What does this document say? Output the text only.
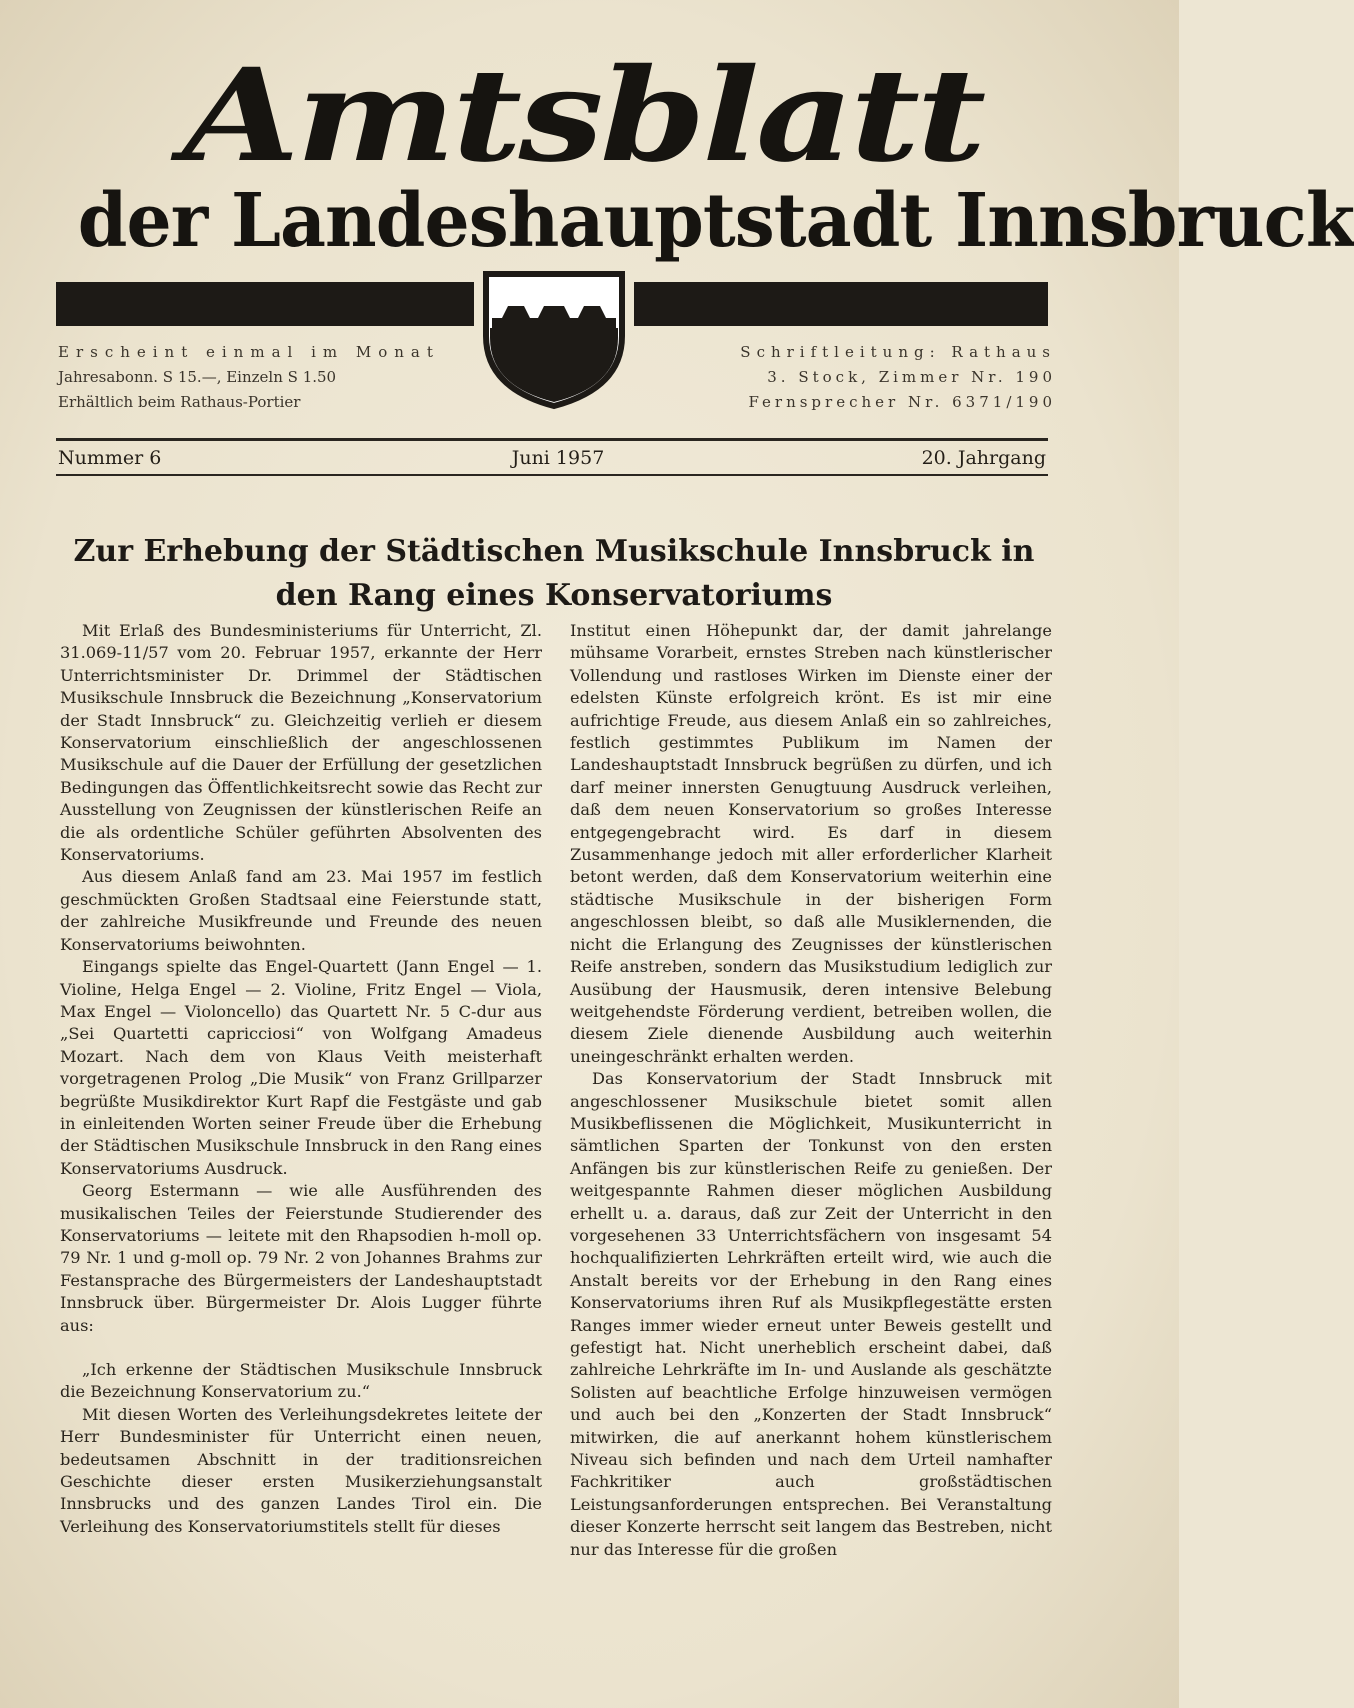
Amtsblatt
der Landeshauptstadt Innsbruck
Erscheint einmal im Monat
Jahresabonn. S 15.—, Einzeln S 1.50
Erhältlich beim Rathaus-Portier
Schriftleitung: Rathaus
3. Stock, Zimmer Nr. 190
Fernsprecher Nr. 6371/190
Nummer 6	Juni 1957	20. Jahrgang
Zur Erhebung der Städtischen Musikschule Innsbruck in den Rang eines Konservatoriums

Mit Erlaß des Bundesministeriums für Unterricht, Zl. 31.069-11/57 vom 20. Februar 1957, erkannte der Herr Unterrichtsminister Dr. Drimmel der Städtischen Musikschule Innsbruck die Bezeichnung „Konservatorium der Stadt Innsbruck“ zu. Gleichzeitig verlieh er diesem Konservatorium einschließlich der angeschlossenen Musikschule auf die Dauer der Erfüllung der gesetzlichen Bedingungen das Öffentlichkeitsrecht sowie das Recht zur Ausstellung von Zeugnissen der künstlerischen Reife an die als ordentliche Schüler geführten Absolventen des Konservatoriums.

Aus diesem Anlaß fand am 23. Mai 1957 im festlich geschmückten Großen Stadtsaal eine Feierstunde statt, der zahlreiche Musikfreunde und Freunde des neuen Konservatoriums beiwohnten.

Eingangs spielte das Engel-Quartett (Jann Engel — 1. Violine, Helga Engel — 2. Violine, Fritz Engel — Viola, Max Engel — Violoncello) das Quartett Nr. 5 C-dur aus „Sei Quartetti capricciosi“ von Wolfgang Amadeus Mozart. Nach dem von Klaus Veith meisterhaft vorgetragenen Prolog „Die Musik“ von Franz Grillparzer begrüßte Musikdirektor Kurt Rapf die Festgäste und gab in einleitenden Worten seiner Freude über die Erhebung der Städtischen Musikschule Innsbruck in den Rang eines Konservatoriums Ausdruck.

Georg Estermann — wie alle Ausführenden des musikalischen Teiles der Feierstunde Studierender des Konservatoriums — leitete mit den Rhapsodien h-moll op. 79 Nr. 1 und g-moll op. 79 Nr. 2 von Johannes Brahms zur Festansprache des Bürgermeisters der Landeshauptstadt Innsbruck über. Bürgermeister Dr. Alois Lugger führte aus:

„Ich erkenne der Städtischen Musikschule Innsbruck die Bezeichnung Konservatorium zu.“

Mit diesen Worten des Verleihungsdekretes leitete der Herr Bundesminister für Unterricht einen neuen, bedeutsamen Abschnitt in der traditionsreichen Geschichte dieser ersten Musikerziehungsanstalt Innsbrucks und des ganzen Landes Tirol ein. Die Verleihung des Konservatoriumstitels stellt für dieses

Institut einen Höhepunkt dar, der damit jahrelange mühsame Vorarbeit, ernstes Streben nach künstlerischer Vollendung und rastloses Wirken im Dienste einer der edelsten Künste erfolgreich krönt. Es ist mir eine aufrichtige Freude, aus diesem Anlaß ein so zahlreiches, festlich gestimmtes Publikum im Namen der Landeshauptstadt Innsbruck begrüßen zu dürfen, und ich darf meiner innersten Genugtuung Ausdruck verleihen, daß dem neuen Konservatorium so großes Interesse entgegengebracht wird. Es darf in diesem Zusammenhange jedoch mit aller erforderlicher Klarheit betont werden, daß dem Konservatorium weiterhin eine städtische Musikschule in der bisherigen Form angeschlossen bleibt, so daß alle Musiklernenden, die nicht die Erlangung des Zeugnisses der künstlerischen Reife anstreben, sondern das Musikstudium lediglich zur Ausübung der Hausmusik, deren intensive Belebung weitgehendste Förderung verdient, betreiben wollen, die diesem Ziele dienende Ausbildung auch weiterhin uneingeschränkt erhalten werden.

Das Konservatorium der Stadt Innsbruck mit angeschlossener Musikschule bietet somit allen Musikbeflissenen die Möglichkeit, Musikunterricht in sämtlichen Sparten der Tonkunst von den ersten Anfängen bis zur künstlerischen Reife zu genießen. Der weitgespannte Rahmen dieser möglichen Ausbildung erhellt u. a. daraus, daß zur Zeit der Unterricht in den vorgesehenen 33 Unterrichtsfächern von insgesamt 54 hochqualifizierten Lehrkräften erteilt wird, wie auch die Anstalt bereits vor der Erhebung in den Rang eines Konservatoriums ihren Ruf als Musikpflegestätte ersten Ranges immer wieder erneut unter Beweis gestellt und gefestigt hat. Nicht unerheblich erscheint dabei, daß zahlreiche Lehrkräfte im In- und Auslande als geschätzte Solisten auf beachtliche Erfolge hinzuweisen vermögen und auch bei den „Konzerten der Stadt Innsbruck“ mitwirken, die auf anerkannt hohem künstlerischem Niveau sich befinden und nach dem Urteil namhafter Fachkritiker auch großstädtischen Leistungsanforderungen entsprechen. Bei Veranstaltung dieser Konzerte herrscht seit langem das Bestreben, nicht nur das Interesse für die großen
